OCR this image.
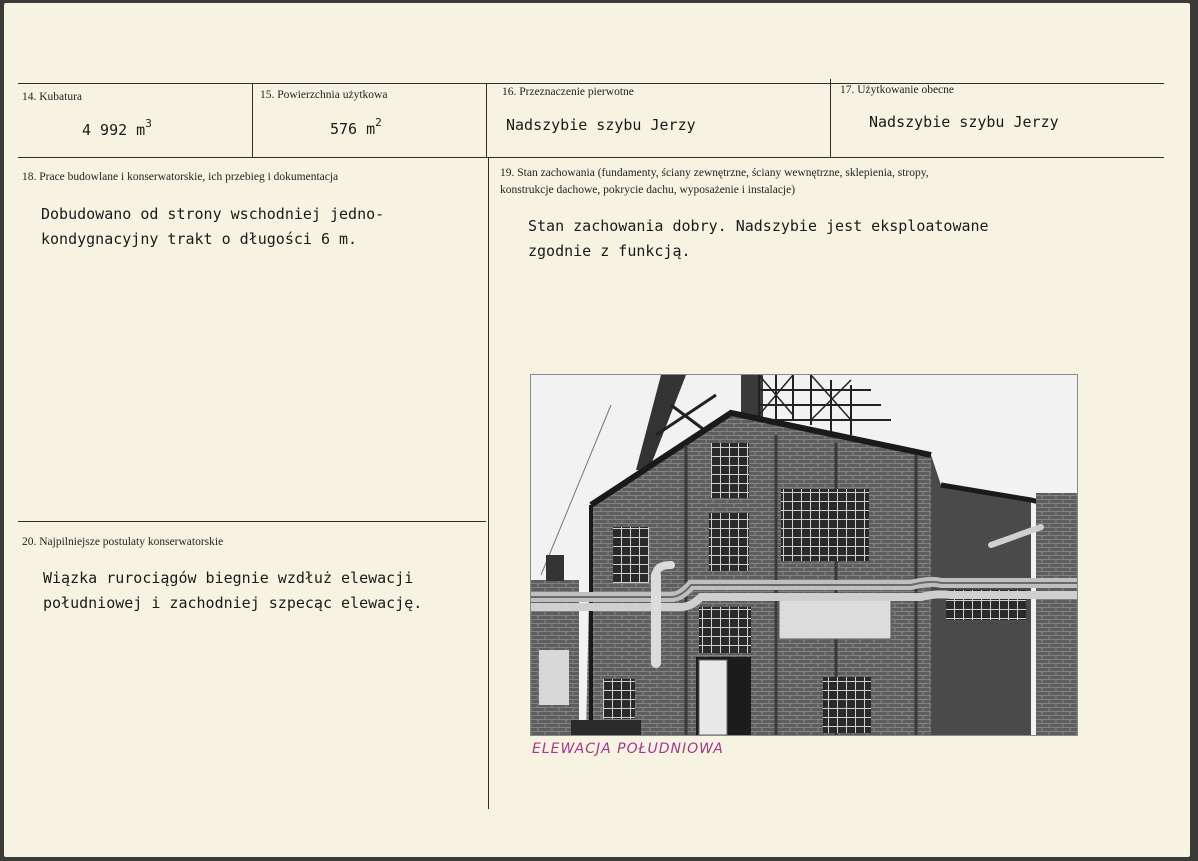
14. Kubatura
4 992 $m^3$
15. Powierzchnia użytkowa
576 $m^2$
16. Przeznaczenie pierwotne
Nadszybie szybu Jerzy
17. Użytkowanie obecne
Nadszybie szybu Jerzy
18. Prace budowlane i konserwatorskie, ich przebieg i dokumentacja
Dobudowano od strony wschodniej jedno-
kondygnacyjny trakt o długości 6 m.
19. Stan zachowania (fundamenty, ściany zewnętrzne, ściany wewnętrzne, sklepienia, stropy,
konstrukcje dachowe, pokrycie dachu, wyposażenie i instalacje)
Stan zachowania dobry. Nadszybie jest eksploatowane
zgodnie z funkcją.
20. Najpilniejsze postulaty konserwatorskie
Wiązka rurociągów biegnie wzdłuż elewacji
południowej i zachodniej szpecąc elewację.
ELEWACJA POŁUDNIOWA
